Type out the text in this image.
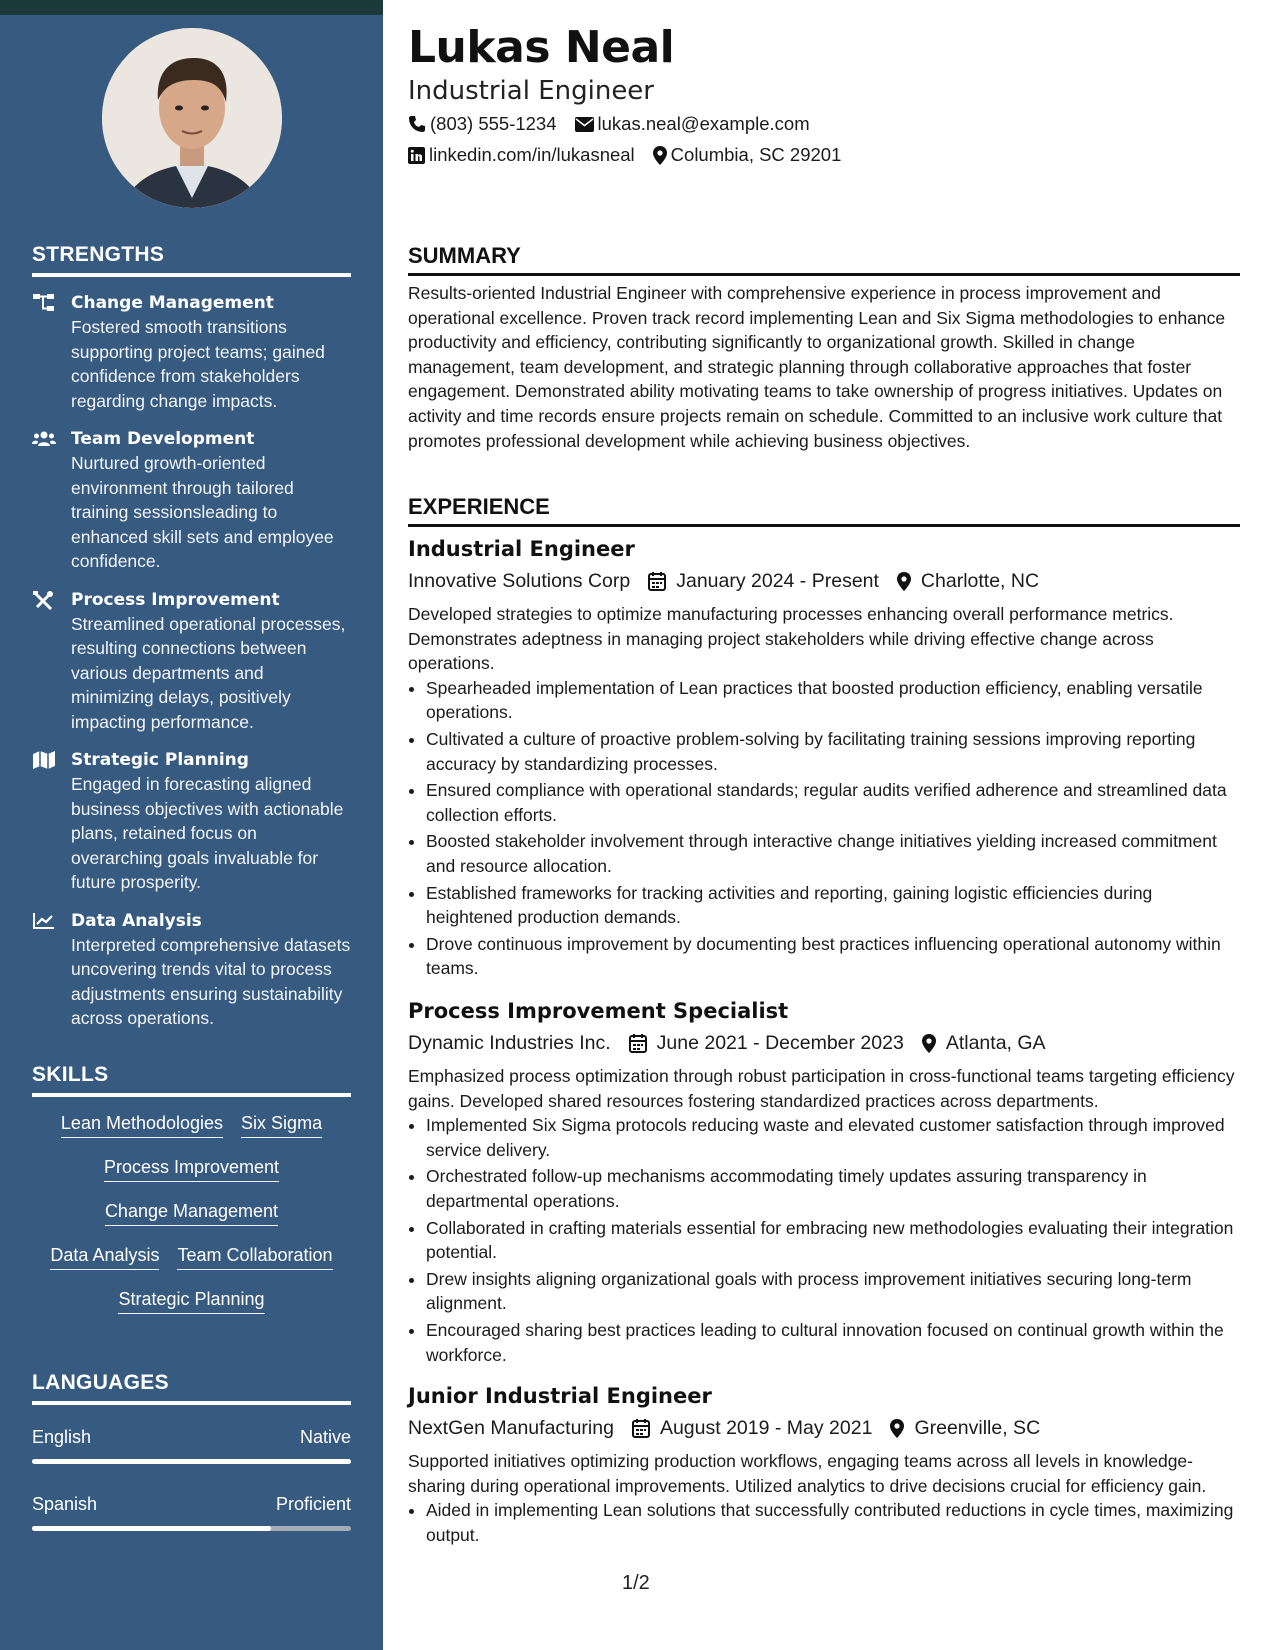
STRENGTHS
Change Management
Fostered smooth transitions supporting project teams; gained confidence from stakeholders regarding change impacts.
Team Development
Nurtured growth-oriented environment through tailored training sessionsleading to enhanced skill sets and employee confidence.
Process Improvement
Streamlined operational processes, resulting connections between various departments and minimizing delays, positively impacting performance.
Strategic Planning
Engaged in forecasting aligned business objectives with actionable plans, retained focus on overarching goals invaluable for future prosperity.
Data Analysis
Interpreted comprehensive datasets uncovering trends vital to process adjustments ensuring sustainability across operations.
SKILLS
Lean Methodologies Six Sigma
Process Improvement
Change Management
Data Analysis Team Collaboration
Strategic Planning
LANGUAGES
English	Native
Spanish	Proficient
Lukas Neal
Industrial Engineer
(803) 555-1234 lukas.neal@example.com
linkedin.com/in/lukasneal Columbia, SC 29201
SUMMARY
Results-oriented Industrial Engineer with comprehensive experience in process improvement and operational excellence. Proven track record implementing Lean and Six Sigma methodologies to enhance productivity and efficiency, contributing significantly to organizational growth. Skilled in change management, team development, and strategic planning through collaborative approaches that foster engagement. Demonstrated ability motivating teams to take ownership of progress initiatives. Updates on activity and time records ensure projects remain on schedule. Committed to an inclusive work culture that promotes professional development while achieving business objectives.
EXPERIENCE
Industrial Engineer
Innovative Solutions Corp January 2024 - Present Charlotte, NC
Developed strategies to optimize manufacturing processes enhancing overall performance metrics. Demonstrates adeptness in managing project stakeholders while driving effective change across operations.
• Spearheaded implementation of Lean practices that boosted production efficiency, enabling versatile operations.
• Cultivated a culture of proactive problem-solving by facilitating training sessions improving reporting accuracy by standardizing processes.
• Ensured compliance with operational standards; regular audits verified adherence and streamlined data collection efforts.
• Boosted stakeholder involvement through interactive change initiatives yielding increased commitment and resource allocation.
• Established frameworks for tracking activities and reporting, gaining logistic efficiencies during heightened production demands.
• Drove continuous improvement by documenting best practices influencing operational autonomy within teams.
Process Improvement Specialist
Dynamic Industries Inc. June 2021 - December 2023 Atlanta, GA
Emphasized process optimization through robust participation in cross-functional teams targeting efficiency gains. Developed shared resources fostering standardized practices across departments.
• Implemented Six Sigma protocols reducing waste and elevated customer satisfaction through improved service delivery.
• Orchestrated follow-up mechanisms accommodating timely updates assuring transparency in departmental operations.
• Collaborated in crafting materials essential for embracing new methodologies evaluating their integration potential.
• Drew insights aligning organizational goals with process improvement initiatives securing long-term alignment.
• Encouraged sharing best practices leading to cultural innovation focused on continual growth within the workforce.
Junior Industrial Engineer
NextGen Manufacturing August 2019 - May 2021 Greenville, SC
Supported initiatives optimizing production workflows, engaging teams across all levels in knowledge-sharing during operational improvements. Utilized analytics to drive decisions crucial for efficiency gain.
• Aided in implementing Lean solutions that successfully contributed reductions in cycle times, maximizing output.
1/2
